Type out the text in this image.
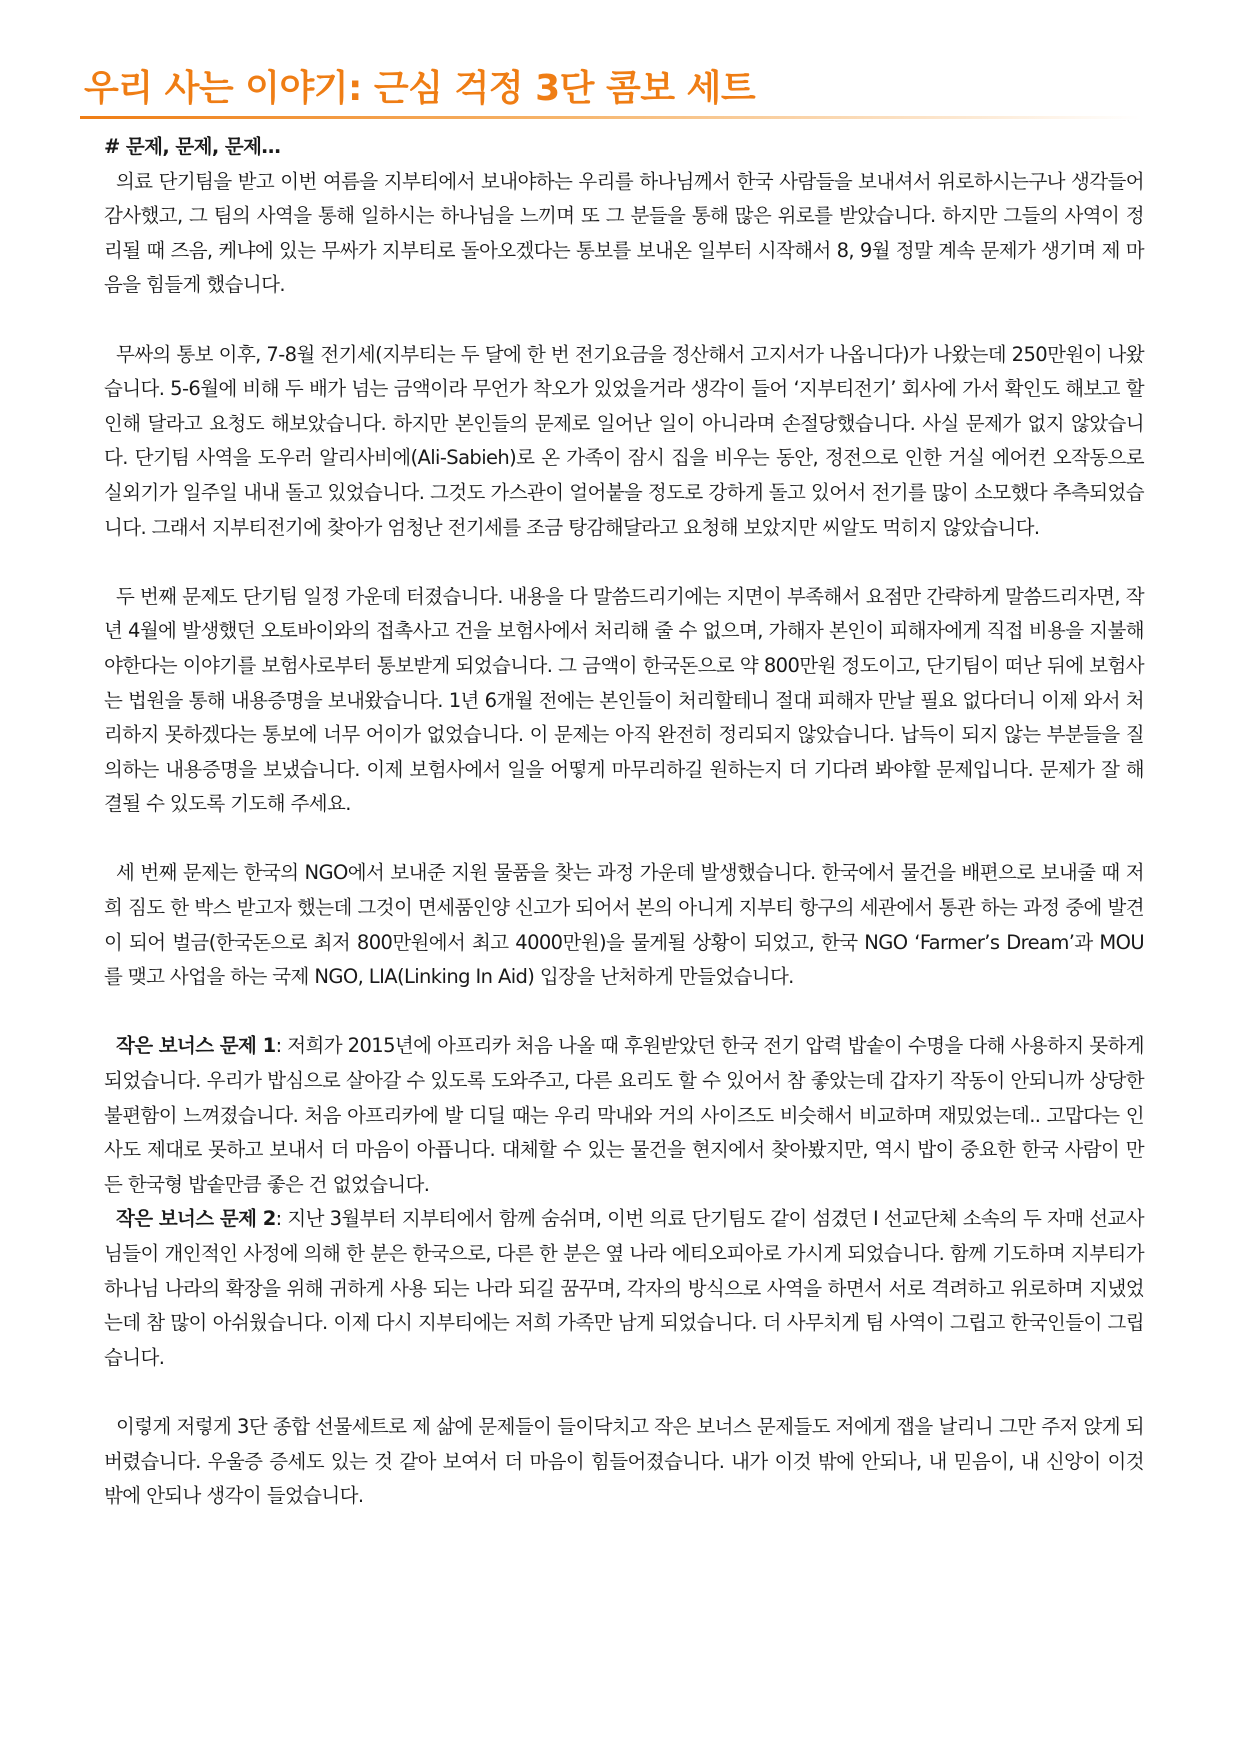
우리 사는 이야기: 근심 걱정 3단 콤보 세트

# 문제, 문제, 문제…

의료 단기팀을 받고 이번 여름을 지부티에서 보내야하는 우리를 하나님께서 한국 사람들을 보내셔서 위로하시는구나 생각들어 감사했고, 그 팀의 사역을 통해 일하시는 하나님을 느끼며 또 그 분들을 통해 많은 위로를 받았습니다. 하지만 그들의 사역이 정리될 때 즈음, 케냐에 있는 무싸가 지부티로 돌아오겠다는 통보를 보내온 일부터 시작해서 8, 9월 정말 계속 문제가 생기며 제 마음을 힘들게 했습니다.

무싸의 통보 이후, 7-8월 전기세(지부티는 두 달에 한 번 전기요금을 정산해서 고지서가 나옵니다)가 나왔는데 250만원이 나왔습니다. 5-6월에 비해 두 배가 넘는 금액이라 무언가 착오가 있었을거라 생각이 들어 ‘지부티전기’ 회사에 가서 확인도 해보고 할인해 달라고 요청도 해보았습니다. 하지만 본인들의 문제로 일어난 일이 아니라며 손절당했습니다. 사실 문제가 없지 않았습니다. 단기팀 사역을 도우러 알리사비에(Ali-Sabieh)로 온 가족이 잠시 집을 비우는 동안, 정전으로 인한 거실 에어컨 오작동으로 실외기가 일주일 내내 돌고 있었습니다. 그것도 가스관이 얼어붙을 정도로 강하게 돌고 있어서 전기를 많이 소모했다 추측되었습니다. 그래서 지부티전기에 찾아가 엄청난 전기세를 조금 탕감해달라고 요청해 보았지만 씨알도 먹히지 않았습니다.

두 번째 문제도 단기팀 일정 가운데 터졌습니다. 내용을 다 말씀드리기에는 지면이 부족해서 요점만 간략하게 말씀드리자면, 작년 4월에 발생했던 오토바이와의 접촉사고 건을 보험사에서 처리해 줄 수 없으며, 가해자 본인이 피해자에게 직접 비용을 지불해야한다는 이야기를 보험사로부터 통보받게 되었습니다. 그 금액이 한국돈으로 약 800만원 정도이고, 단기팀이 떠난 뒤에 보험사는 법원을 통해 내용증명을 보내왔습니다. 1년 6개월 전에는 본인들이 처리할테니 절대 피해자 만날 필요 없다더니 이제 와서 처리하지 못하겠다는 통보에 너무 어이가 없었습니다. 이 문제는 아직 완전히 정리되지 않았습니다. 납득이 되지 않는 부분들을 질의하는 내용증명을 보냈습니다. 이제 보험사에서 일을 어떻게 마무리하길 원하는지 더 기다려 봐야할 문제입니다. 문제가 잘 해결될 수 있도록 기도해 주세요.

세 번째 문제는 한국의 NGO에서 보내준 지원 물품을 찾는 과정 가운데 발생했습니다. 한국에서 물건을 배편으로 보내줄 때 저희 짐도 한 박스 받고자 했는데 그것이 면세품인양 신고가 되어서 본의 아니게 지부티 항구의 세관에서 통관 하는 과정 중에 발견이 되어 벌금(한국돈으로 최저 800만원에서 최고 4000만원)을 물게될 상황이 되었고, 한국 NGO ‘Farmer’s Dream’과 MOU를 맺고 사업을 하는 국제 NGO, LIA(Linking In Aid) 입장을 난처하게 만들었습니다.

작은 보너스 문제 1: 저희가 2015년에 아프리카 처음 나올 때 후원받았던 한국 전기 압력 밥솥이 수명을 다해 사용하지 못하게 되었습니다. 우리가 밥심으로 살아갈 수 있도록 도와주고, 다른 요리도 할 수 있어서 참 좋았는데 갑자기 작동이 안되니까 상당한 불편함이 느껴졌습니다. 처음 아프리카에 발 디딜 때는 우리 막내와 거의 사이즈도 비슷해서 비교하며 재밌었는데.. 고맙다는 인사도 제대로 못하고 보내서 더 마음이 아픕니다. 대체할 수 있는 물건을 현지에서 찾아봤지만, 역시 밥이 중요한 한국 사람이 만든 한국형 밥솥만큼 좋은 건 없었습니다.

작은 보너스 문제 2: 지난 3월부터 지부티에서 함께 숨쉬며, 이번 의료 단기팀도 같이 섬겼던 I 선교단체 소속의 두 자매 선교사님들이 개인적인 사정에 의해 한 분은 한국으로, 다른 한 분은 옆 나라 에티오피아로 가시게 되었습니다. 함께 기도하며 지부티가 하나님 나라의 확장을 위해 귀하게 사용 되는 나라 되길 꿈꾸며, 각자의 방식으로 사역을 하면서 서로 격려하고 위로하며 지냈었는데 참 많이 아쉬웠습니다. 이제 다시 지부티에는 저희 가족만 남게 되었습니다. 더 사무치게 팀 사역이 그립고 한국인들이 그립습니다.

이렇게 저렇게 3단 종합 선물세트로 제 삶에 문제들이 들이닥치고 작은 보너스 문제들도 저에게 잽을 날리니 그만 주저 앉게 되버렸습니다. 우울증 증세도 있는 것 같아 보여서 더 마음이 힘들어졌습니다. 내가 이것 밖에 안되나, 내 믿음이, 내 신앙이 이것 밖에 안되나 생각이 들었습니다.
